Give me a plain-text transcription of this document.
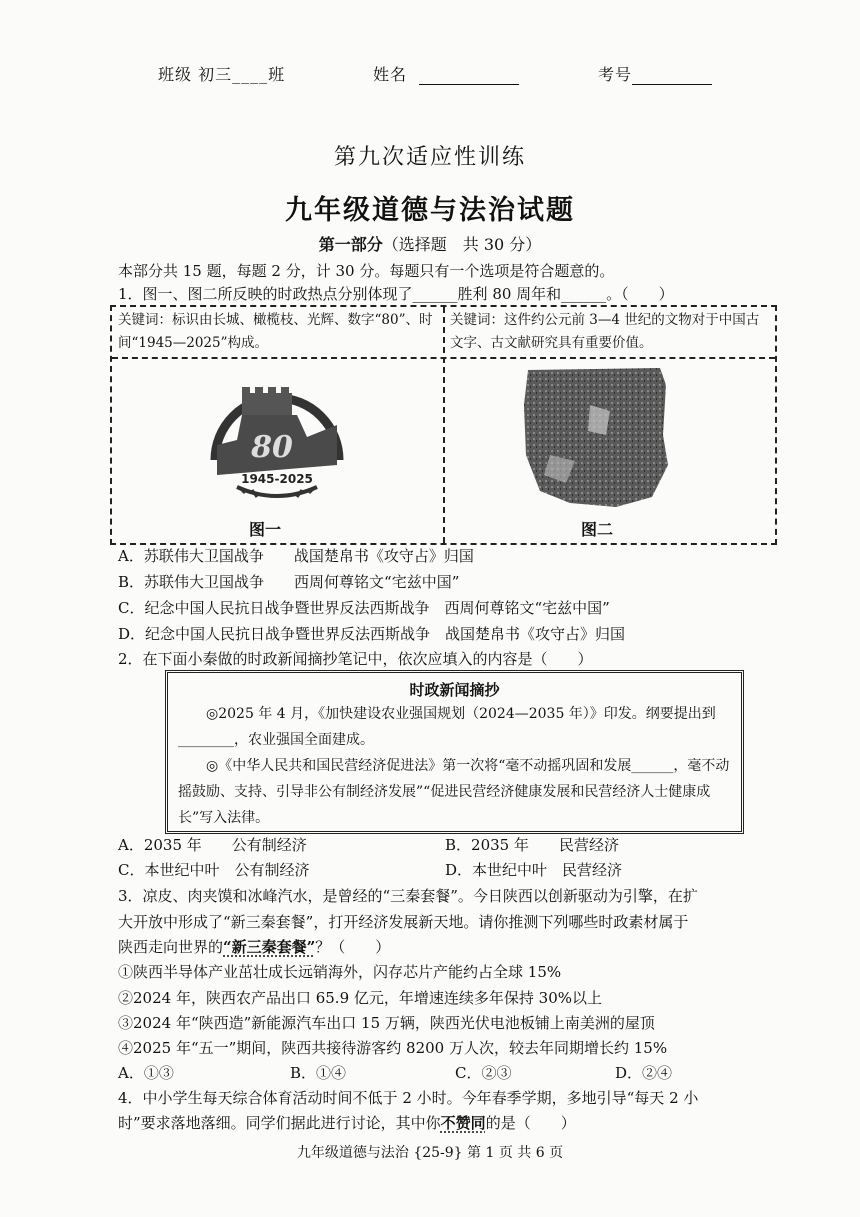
班级 初三____班	姓名	考号
第九次适应性训练
九年级道德与法治试题
第一部分（选择题　共 30 分）
本部分共 15 题，每题 2 分，计 30 分。每题只有一个选项是符合题意的。
1．图一、图二所反映的时政热点分别体现了______胜利 80 周年和______。（　　）
关键词：标识由长城、橄榄枝、光辉、数字“80”、时间“1945—2025”构成。
关键词：这件约公元前 3—4 世纪的文物对于中国古文字、古文献研究具有重要价值。
80
1945-2025
图一	图二
A．苏联伟大卫国战争　　战国楚帛书《攻守占》归国
B．苏联伟大卫国战争　　西周何尊铭文“宅兹中国”
C．纪念中国人民抗日战争暨世界反法西斯战争　西周何尊铭文“宅兹中国”
D．纪念中国人民抗日战争暨世界反法西斯战争　战国楚帛书《攻守占》归国
2．在下面小秦做的时政新闻摘抄笔记中，依次应填入的内容是（　　）
时政新闻摘抄

◎2025 年 4 月，《加快建设农业强国规划（2024—2035 年）》印发。纲要提出到________，农业强国全面建成。

◎《中华人民共和国民营经济促进法》第一次将“毫不动摇巩固和发展______，毫不动摇鼓励、支持、引导非公有制经济发展”“促进民营经济健康发展和民营经济人士健康成长”写入法律。

A．2035 年　　公有制经济	B．2035 年　　民营经济
C．本世纪中叶　公有制经济	D．本世纪中叶　民营经济
3．凉皮、肉夹馍和冰峰汽水，是曾经的“三秦套餐”。今日陕西以创新驱动为引擎，在扩
大开放中形成了“新三秦套餐”，打开经济发展新天地。请你推测下列哪些时政素材属于
陕西走向世界的“新三秦套餐”？（　　）
①陕西半导体产业茁壮成长远销海外，闪存芯片产能约占全球 15%
②2024 年，陕西农产品出口 65.9 亿元，年增速连续多年保持 30%以上
③2024 年“陕西造”新能源汽车出口 15 万辆，陕西光伏电池板铺上南美洲的屋顶
④2025 年“五一”期间，陕西共接待游客约 8200 万人次，较去年同期增长约 15%
A．①③	B．①④	C．②③	D．②④
4．中小学生每天综合体育活动时间不低于 2 小时。今年春季学期，多地引导“每天 2 小
时”要求落地落细。同学们据此进行讨论，其中你不赞同的是（　　）
九年级道德与法治 {25-9} 第 1 页 共 6 页
